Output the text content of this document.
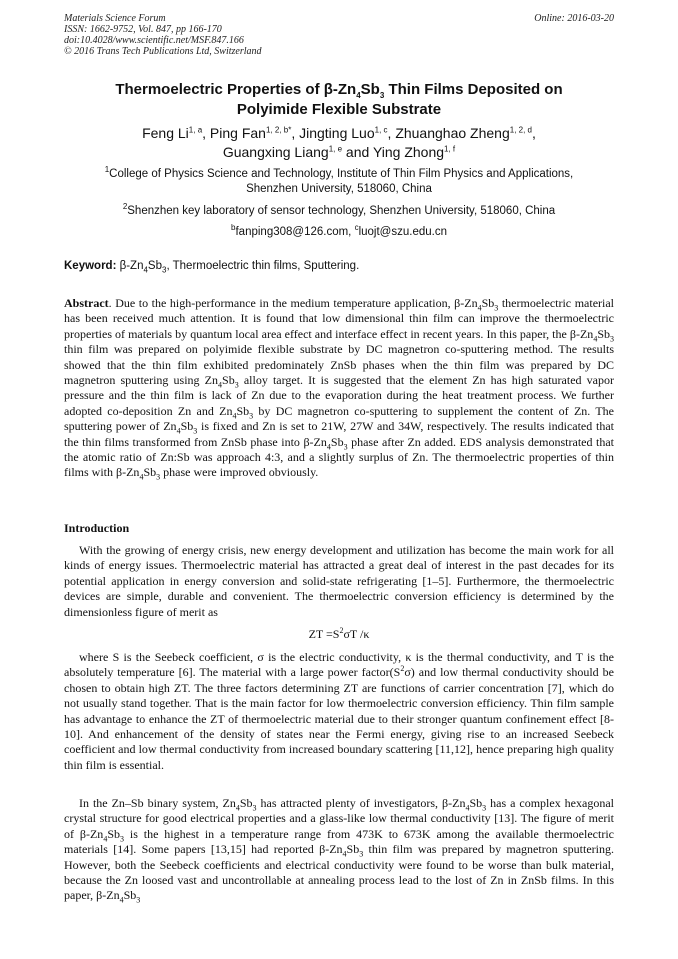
Materials Science Forum
ISSN: 1662-9752, Vol. 847, pp 166-170
doi:10.4028/www.scientific.net/MSF.847.166
© 2016 Trans Tech Publications Ltd, Switzerland
Online: 2016-03-20
Thermoelectric Properties of $\beta-Zn_4Sb_3$ Thin Films Deposited on
Polyimide Flexible Substrate
Feng Li$^{1, a}$, Ping Fan$^{1, 2, b*}$, Jingting Luo$^{1, c}$, Zhuanghao Zheng$^{1, 2, d}$,
Guangxing Liang$^{1, e}$ and Ying Zhong$^{1, f}$
$^1$College of Physics Science and Technology, Institute of Thin Film Physics and Applications,
Shenzhen University, 518060, China
$^2$Shenzhen key laboratory of sensor technology, Shenzhen University, 518060, China
$^b$fanping308@126.com, $^c$luojt@szu.edu.cn
Keyword: $\beta-Zn_4Sb_3$, Thermoelectric thin films, Sputtering.
Abstract. Due to the high-performance in the medium temperature application, $\beta-Zn_4Sb_3$ thermoelectric material has been received much attention. It is found that low dimensional thin film can improve the thermoelectric properties of materials by quantum local area effect and interface effect in recent years. In this paper, the $\beta-Zn_4Sb_3$ thin film was prepared on polyimide flexible substrate by DC magnetron co-sputtering method. The results showed that the thin film exhibited predominately ZnSb phases when the thin film was prepared by DC magnetron sputtering using $Zn_4Sb_3$ alloy target. It is suggested that the element Zn has high saturated vapor pressure and the thin film is lack of Zn due to the evaporation during the heat treatment process. We further adopted co-deposition Zn and $Zn_4Sb_3$ by DC magnetron co-sputtering to supplement the content of Zn. The sputtering power of $Zn_4Sb_3$ is fixed and Zn is set to 21W, 27W and 34W, respectively. The results indicated that the thin films transformed from ZnSb phase into $\beta-Zn_4Sb_3$ phase after Zn added. EDS analysis demonstrated that the atomic ratio of Zn:Sb was approach 4:3, and a slightly surplus of Zn. The thermoelectric properties of thin films with $\beta-Zn_4Sb_3$ phase were improved obviously.
Introduction
With the growing of energy crisis, new energy development and utilization has become the main work for all kinds of energy issues. Thermoelectric material has attracted a great deal of interest in the past decades for its potential application in energy conversion and solid-state refrigerating [1–5]. Furthermore, the thermoelectric devices are simple, durable and convenient. The thermoelectric conversion efficiency is determined by the dimensionless figure of merit as
ZT $=S^2\sigma T$ /κ
where S is the Seebeck coefficient, σ is the electric conductivity, κ is the thermal conductivity, and T is the absolutely temperature [6]. The material with a large power $factor(S^2\sigma)$ and low thermal conductivity should be chosen to obtain high ZT. The three factors determining ZT are functions of carrier concentration [7], which do not usually stand together. That is the main factor for low thermoelectric conversion efficiency. Thin film sample has advantage to enhance the ZT of thermoelectric material due to their stronger quantum confinement effect [8-10]. And enhancement of the density of states near the Fermi energy, giving rise to an increased Seebeck coefficient and low thermal conductivity from increased boundary scattering [11,12], hence preparing high quality thin film is essential.
In the Zn–Sb binary system, $Zn_4Sb_3$ has attracted plenty of investigators, $\beta-Zn_4Sb_3$ has a complex hexagonal crystal structure for good electrical properties and a glass-like low thermal conductivity [13]. The figure of merit of $\beta-Zn_4Sb_3$ is the highest in a temperature range from 473K to 673K among the available thermoelectric materials [14]. Some papers [13,15] had reported $\beta-Zn_4Sb_3$ thin film was prepared by magnetron sputtering. However, both the Seebeck coefficients and electrical conductivity were found to be worse than bulk material, because the Zn loosed vast and uncontrollable at annealing process lead to the lost of Zn in ZnSb films. In this paper, $\beta-Zn_4Sb_3$
